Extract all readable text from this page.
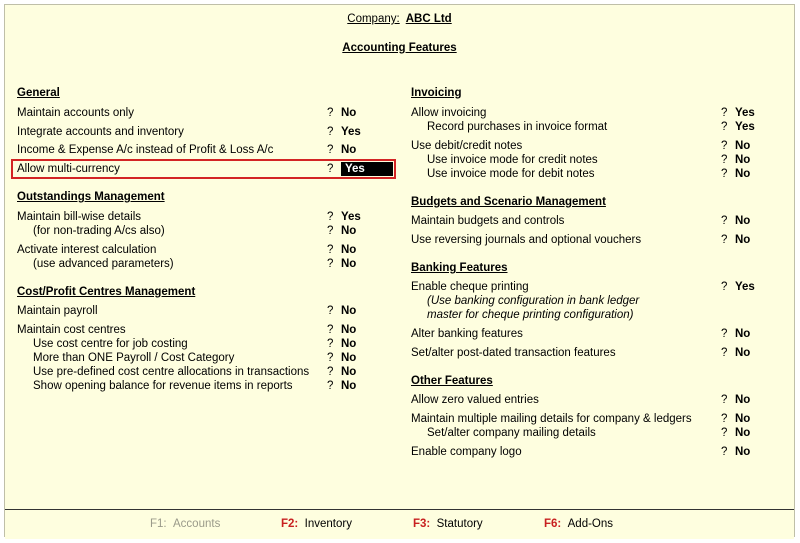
Company: ABC Ltd
Accounting Features
General
Maintain accounts only	? No
Integrate accounts and inventory	? Yes
Income & Expense A/c instead of Profit & Loss A/c	? No
Allow multi-currency	?	Yes
Outstandings Management
Maintain bill-wise details	? Yes
(for non-trading A/cs also)	? No
Activate interest calculation	? No
(use advanced parameters)	? No
Cost/Profit Centres Management
Maintain payroll	? No
Maintain cost centres	? No
Use cost centre for job costing	? No
More than ONE Payroll / Cost Category	? No
Use pre-defined cost centre allocations in transactions ? No
Show opening balance for revenue items in reports	? No
Invoicing
Allow invoicing	? Yes
Record purchases in invoice format	? Yes
Use debit/credit notes	? No
Use invoice mode for credit notes	? No
Use invoice mode for debit notes	? No
Budgets and Scenario Management
Maintain budgets and controls	? No
Use reversing journals and optional vouchers	? No
Banking Features
Enable cheque printing	? Yes
(Use banking configuration in bank ledger
master for cheque printing configuration)
Alter banking features	? No
Set/alter post-dated transaction features	? No
Other Features
Allow zero valued entries	? No
Maintain multiple mailing details for company & ledgers	? No
Set/alter company mailing details	? No
Enable company logo	? No
F1: Accounts	F2: Inventory	F3: Statutory	F6: Add-Ons
